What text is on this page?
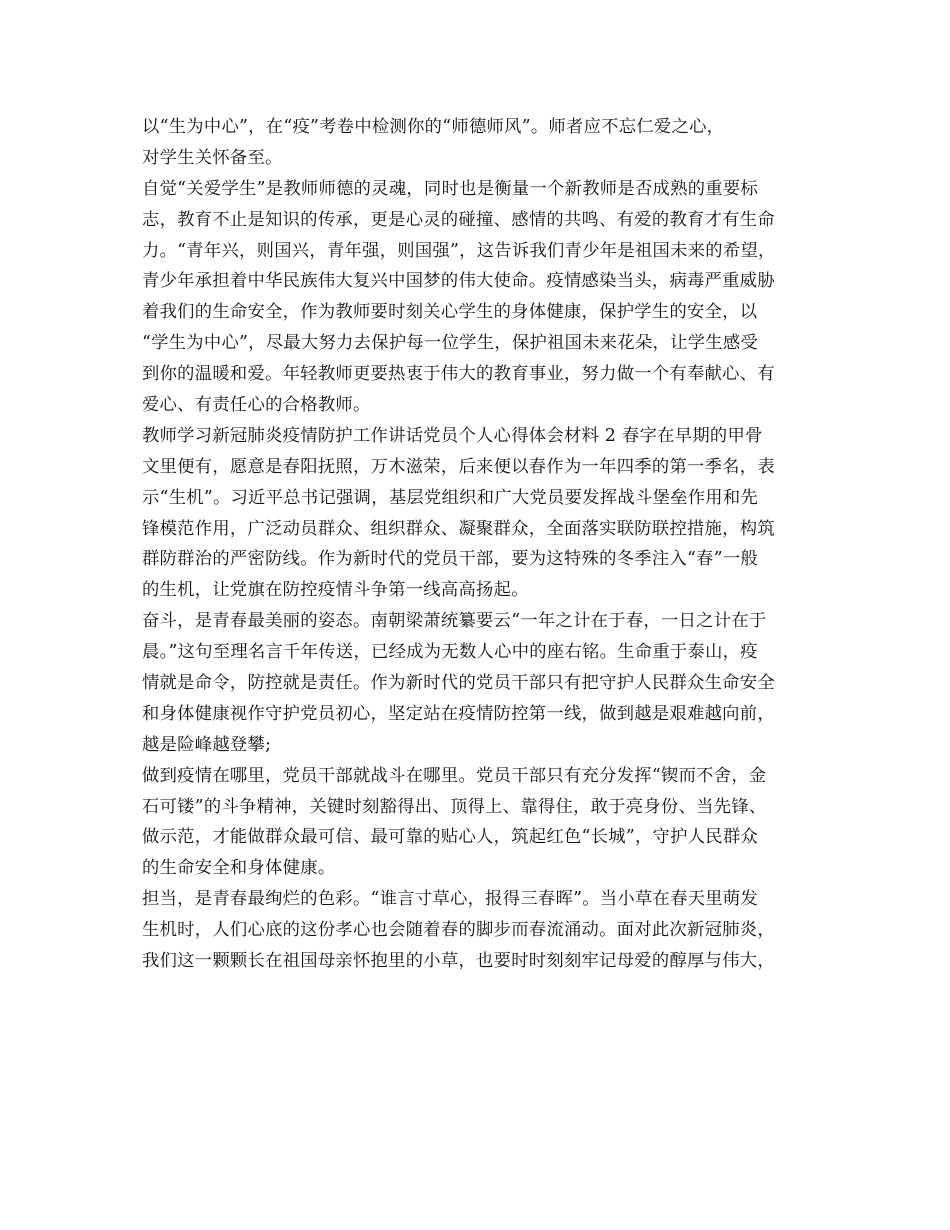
以“生为中心”，在“疫”考卷中检测你的“师德师风”。师者应不忘仁爱之心，
对学生关怀备至。
自觉“关爱学生”是教师师德的灵魂，同时也是衡量一个新教师是否成熟的重要标
志，教育不止是知识的传承，更是心灵的碰撞、感情的共鸣、有爱的教育才有生命
力。“青年兴，则国兴，青年强，则国强”，这告诉我们青少年是祖国未来的希望，
青少年承担着中华民族伟大复兴中国梦的伟大使命。疫情感染当头，病毒严重威胁
着我们的生命安全，作为教师要时刻关心学生的身体健康，保护学生的安全，以
“学生为中心”，尽最大努力去保护每一位学生，保护祖国未来花朵，让学生感受
到你的温暖和爱。年轻教师更要热衷于伟大的教育事业，努力做一个有奉献心、有
爱心、有责任心的合格教师。
教师学习新冠肺炎疫情防护工作讲话党员个人心得体会材料 2 春字在早期的甲骨
文里便有，愿意是春阳抚照，万木滋荣，后来便以春作为一年四季的第一季名，表
示“生机”。习近平总书记强调，基层党组织和广大党员要发挥战斗堡垒作用和先
锋模范作用，广泛动员群众、组织群众、凝聚群众，全面落实联防联控措施，构筑
群防群治的严密防线。作为新时代的党员干部，要为这特殊的冬季注入“春”一般
的生机，让党旗在防控疫情斗争第一线高高扬起。
奋斗，是青春最美丽的姿态。南朝梁萧统纂要云“一年之计在于春，一日之计在于
晨。”这句至理名言千年传送，已经成为无数人心中的座右铭。生命重于泰山，疫
情就是命令，防控就是责任。作为新时代的党员干部只有把守护人民群众生命安全
和身体健康视作守护党员初心，坚定站在疫情防控第一线，做到越是艰难越向前，
越是险峰越登攀;
做到疫情在哪里，党员干部就战斗在哪里。党员干部只有充分发挥“锲而不舍，金
石可镂”的斗争精神，关键时刻豁得出、顶得上、靠得住，敢于亮身份、当先锋、
做示范，才能做群众最可信、最可靠的贴心人，筑起红色“长城”，守护人民群众
的生命安全和身体健康。
担当，是青春最绚烂的色彩。“谁言寸草心，报得三春晖”。当小草在春天里萌发
生机时，人们心底的这份孝心也会随着春的脚步而春流涌动。面对此次新冠肺炎，
我们这一颗颗长在祖国母亲怀抱里的小草，也要时时刻刻牢记母爱的醇厚与伟大，
